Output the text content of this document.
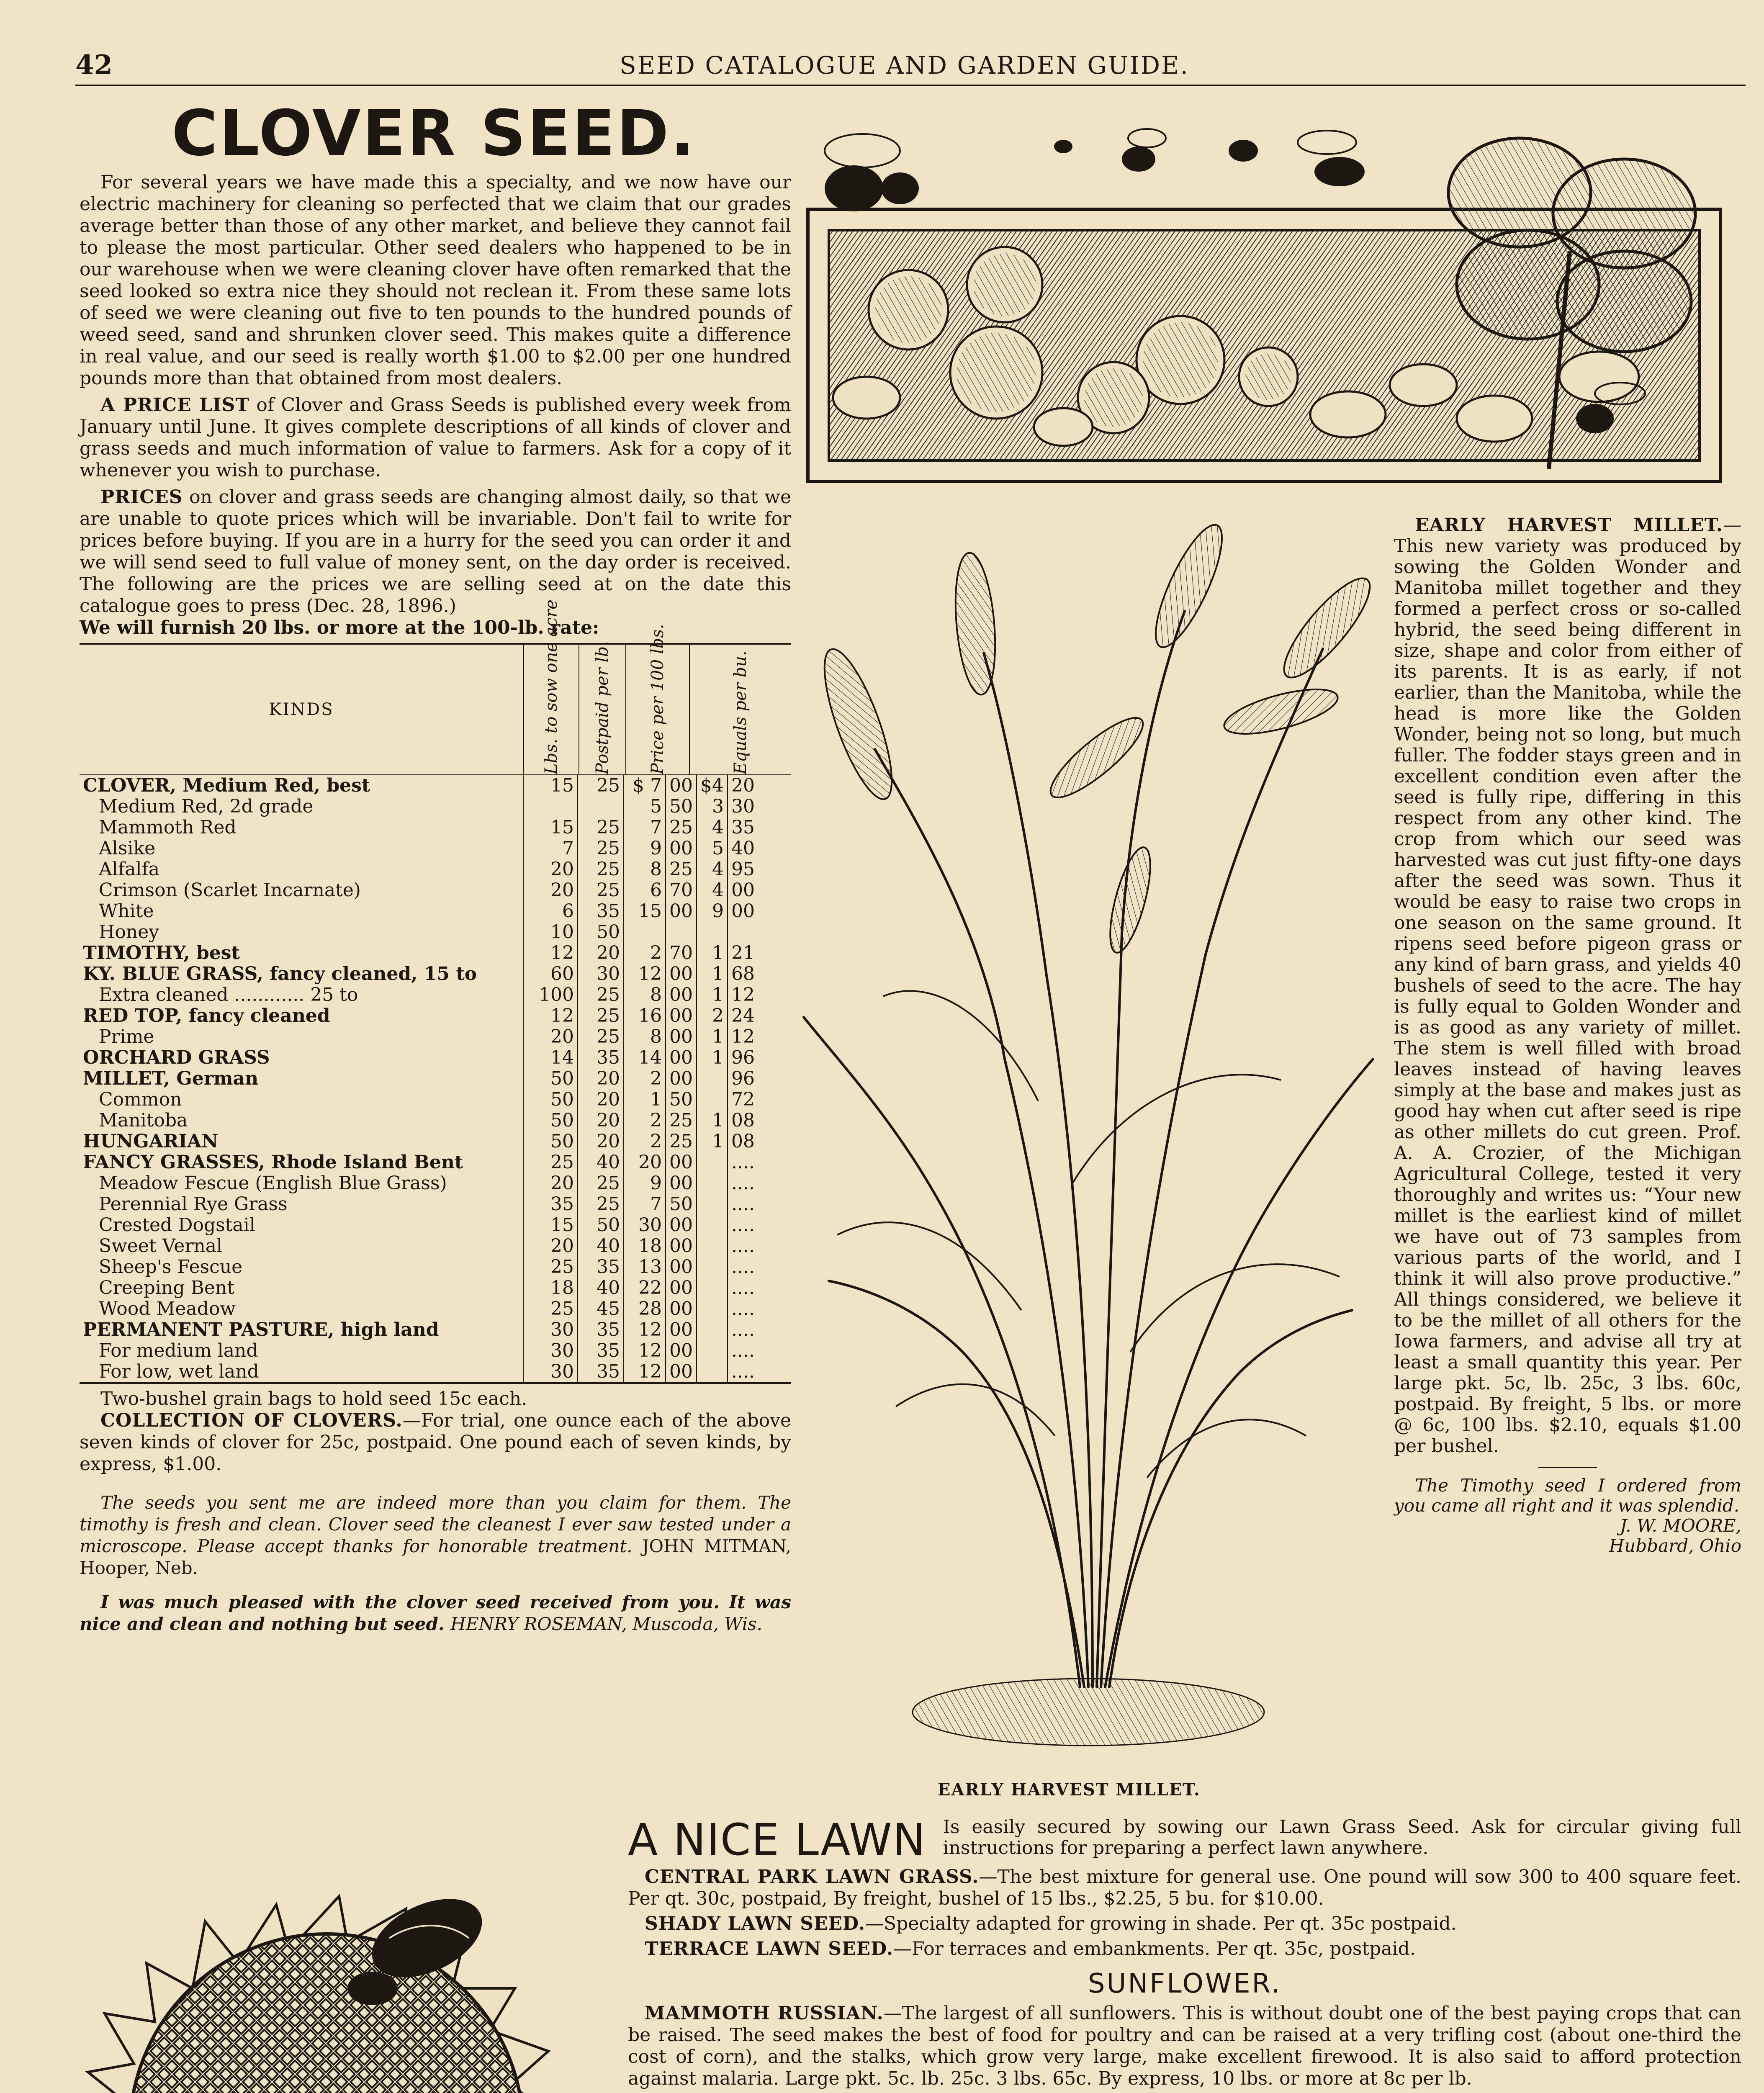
42	SEED CATALOGUE AND GARDEN GUIDE.
CLOVER SEED.

For several years we have made this a specialty, and we now have our electric machinery for cleaning so perfected that we claim that our grades average better than those of any other market, and believe they cannot fail to please the most particular. Other seed dealers who happened to be in our warehouse when we were cleaning clover have often remarked that the seed looked so extra nice they should not reclean it. From these same lots of seed we were cleaning out five to ten pounds to the hundred pounds of weed seed, sand and shrunken clover seed. This makes quite a difference in real value, and our seed is really worth $1.00 to $2.00 per one hundred pounds more than that obtained from most dealers.

A PRICE LIST of Clover and Grass Seeds is published every week from January until June. It gives complete descriptions of all kinds of clover and grass seeds and much information of value to farmers. Ask for a copy of it whenever you wish to purchase.

PRICES on clover and grass seeds are changing almost daily, so that we are unable to quote prices which will be invariable. Don't fail to write for prices before buying. If you are in a hurry for the seed you can order it and we will send seed to full value of money sent, on the day order is received. The following are the prices we are selling seed at on the date this catalogue goes to press (Dec. 28, 1896.)

We will furnish 20 lbs. or more at the 100-lb. rate:

KINDS	Lbs. to sow one acre Postpaid per lb. Price per 100 lbs.	Equals per bu.
CLOVER, Medium Red, best	15	25	$ 7	00	$4	20
Medium Red, 2d grade			5	50	3	30
Mammoth Red	15	25	7	25	4	35
Alsike	7	25	9	00	5	40
Alfalfa	20	25	8	25	4	95
Crimson (Scarlet Incarnate)	20	25	6	70	4	00
White	6	35	15	00	9	00
Honey	10	50				
TIMOTHY, best	12	20	2	70	1	21
KY. BLUE GRASS, fancy cleaned, 15 to	60	30	12	00	1	68
Extra cleaned ............ 25 to	100	25	8	00	1	12
RED TOP, fancy cleaned	12	25	16	00	2	24
Prime	20	25	8	00	1	12
ORCHARD GRASS	14	35	14	00	1	96
MILLET, German	50	20	2	00		96
Common	50	20	1	50		72
Manitoba	50	20	2	25	1	08
HUNGARIAN	50	20	2	25	1	08
FANCY GRASSES, Rhode Island Bent	25	40	20	00		....
Meadow Fescue (English Blue Grass)	20	25	9	00		....
Perennial Rye Grass	35	25	7	50		....
Crested Dogstail	15	50	30	00		....
Sweet Vernal	20	40	18	00		....
Sheep's Fescue	25	35	13	00		....
Creeping Bent	18	40	22	00		....
Wood Meadow	25	45	28	00		....
PERMANENT PASTURE, high land	30	35	12	00		....
For medium land	30	35	12	00		....
For low, wet land	30	35	12	00		....

Two-bushel grain bags to hold seed 15c each.

COLLECTION OF CLOVERS.—For trial, one ounce each of the above seven kinds of clover for 25c, postpaid. One pound each of seven kinds, by express, $1.00.

The seeds you sent me are indeed more than you claim for them. The timothy is fresh and clean. Clover seed the cleanest I ever saw tested under a microscope. Please accept thanks for honorable treatment. JOHN MITMAN, Hooper, Neb.

I was much pleased with the clover seed received from you. It was nice and clean and nothing but seed. HENRY ROSEMAN, Muscoda, Wis.

EARLY HARVEST MILLET.

EARLY HARVEST MILLET.—This new variety was produced by sowing the Golden Wonder and Manitoba millet together and they formed a perfect cross or so-called hybrid, the seed being different in size, shape and color from either of its parents. It is as early, if not earlier, than the Manitoba, while the head is more like the Golden Wonder, being not so long, but much fuller. The fodder stays green and in excellent condition even after the seed is fully ripe, differing in this respect from any other kind. The crop from which our seed was harvested was cut just fifty-one days after the seed was sown. Thus it would be easy to raise two crops in one season on the same ground. It ripens seed before pigeon grass or any kind of barn grass, and yields 40 bushels of seed to the acre. The hay is fully equal to Golden Wonder and is as good as any variety of millet. The stem is well filled with broad leaves instead of having leaves simply at the base and makes just as good hay when cut after seed is ripe as other millets do cut green. Prof. A. A. Crozier, of the Michigan Agricultural College, tested it very thoroughly and writes us: “Your new millet is the earliest kind of millet we have out of 73 samples from various parts of the world, and I think it will also prove productive.” All things considered, we believe it to be the millet of all others for the Iowa farmers, and advise all try at least a small quantity this year. Per large pkt. 5c, lb. 25c, 3 lbs. 60c, postpaid. By freight, 5 lbs. or more @ 6c, 100 lbs. $2.10, equals $1.00 per bushel.

The Timothy seed I ordered from you came all right and it was splendid.

J. W. MOORE,
Hubbard, Ohio
A NICE LAWN Is easily secured by sowing our Lawn Grass Seed. Ask for circular giving full instructions for preparing a perfect lawn anywhere.

CENTRAL PARK LAWN GRASS.—The best mixture for general use. One pound will sow 300 to 400 square feet. Per qt. 30c, postpaid, By freight, bushel of 15 lbs., $2.25, 5 bu. for $10.00.

SHADY LAWN SEED.—Specialty adapted for growing in shade. Per qt. 35c postpaid.

TERRACE LAWN SEED.—For terraces and embankments. Per qt. 35c, postpaid.

SUNFLOWER.

MAMMOTH RUSSIAN.—The largest of all sunflowers. This is without doubt one of the best paying crops that can be raised. The seed makes the best of food for poultry and can be raised at a very trifling cost (about one-third the cost of corn), and the stalks, which grow very large, make excellent firewood. It is also said to afford protection against malaria. Large pkt. 5c. lb. 25c. 3 lbs. 65c. By express, 10 lbs. or more at 8c per lb.
